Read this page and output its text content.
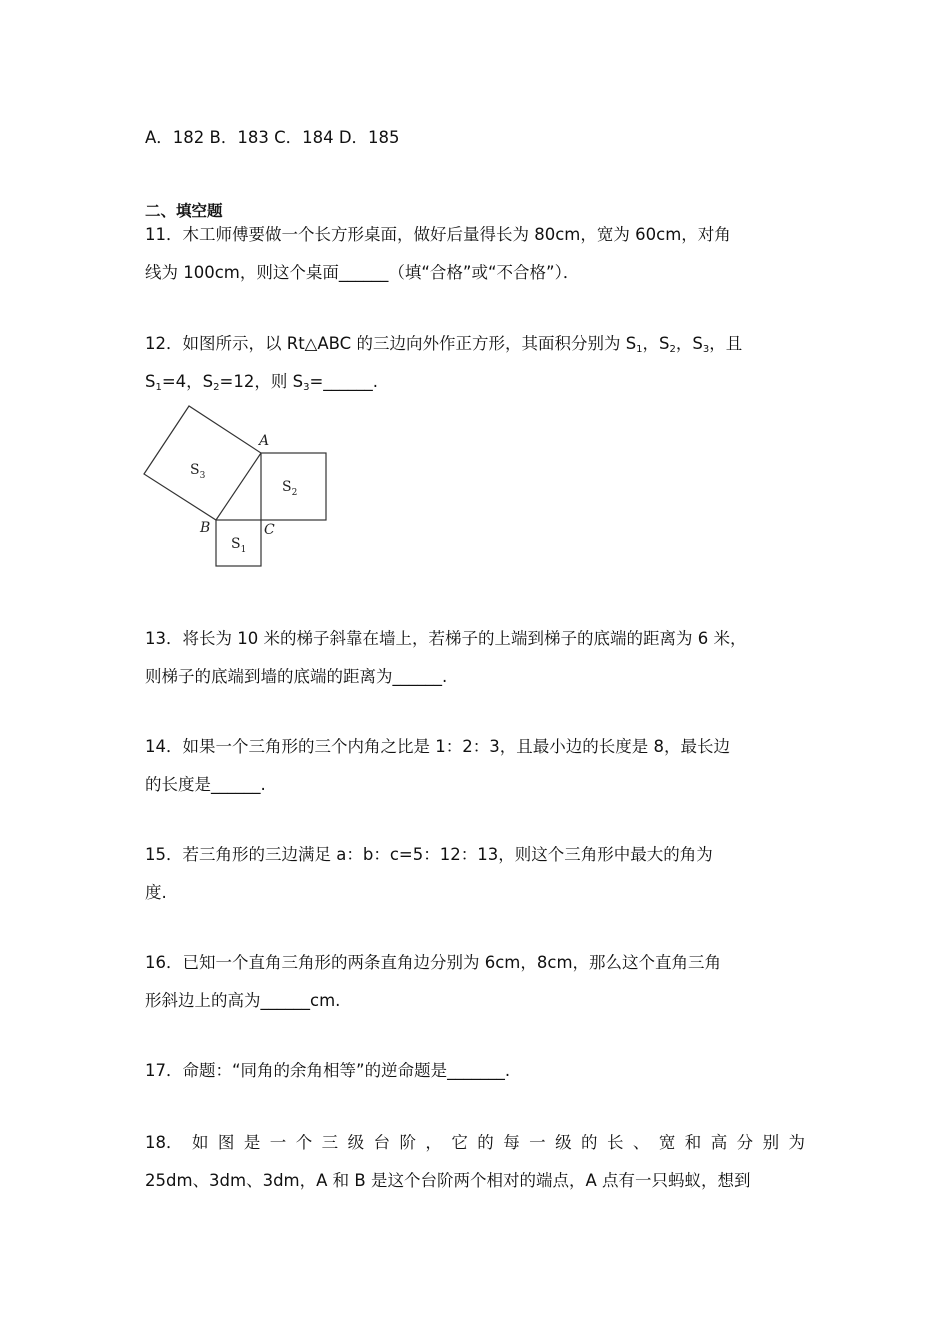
A．182 B．183 C．184 D．185
二、填空题
11．木工师傅要做一个长方形桌面，做好后量得长为 80cm，宽为 60cm，对角
线为 100cm，则这个桌面______（填“合格”或“不合格”）．
12．如图所示，以 Rt△ABC 的三边向外作正方形，其面积分别为 $S_1$，$S_2$，$S_3$，且
$S_1=4$，$S_2=12$，则 $S_3=\_\_\_\_\_\_$.
A
B	C
$S_3$
$S_2$
$S_1$
13．将长为 10 米的梯子斜靠在墙上，若梯子的上端到梯子的底端的距离为 6 米，
则梯子的底端到墙的底端的距离为______.
14．如果一个三角形的三个内角之比是 1：2：3，且最小边的长度是 8，最长边
的长度是______.
15．若三角形的三边满足 a：b：c=5：12：13，则这个三角形中最大的角为
度.
16．已知一个直角三角形的两条直角边分别为 6cm，8cm，那么这个直角三角
形斜边上的高为______cm.
17．命题：“同角的余角相等”的逆命题是_______.
18． 如 图 是 一 个 三 级 台 阶 ， 它 的 每 一 级 的 长 、 宽 和 高 分 别 为
25dm、3dm、3dm，A 和 B 是这个台阶两个相对的端点，A 点有一只蚂蚁，想到
